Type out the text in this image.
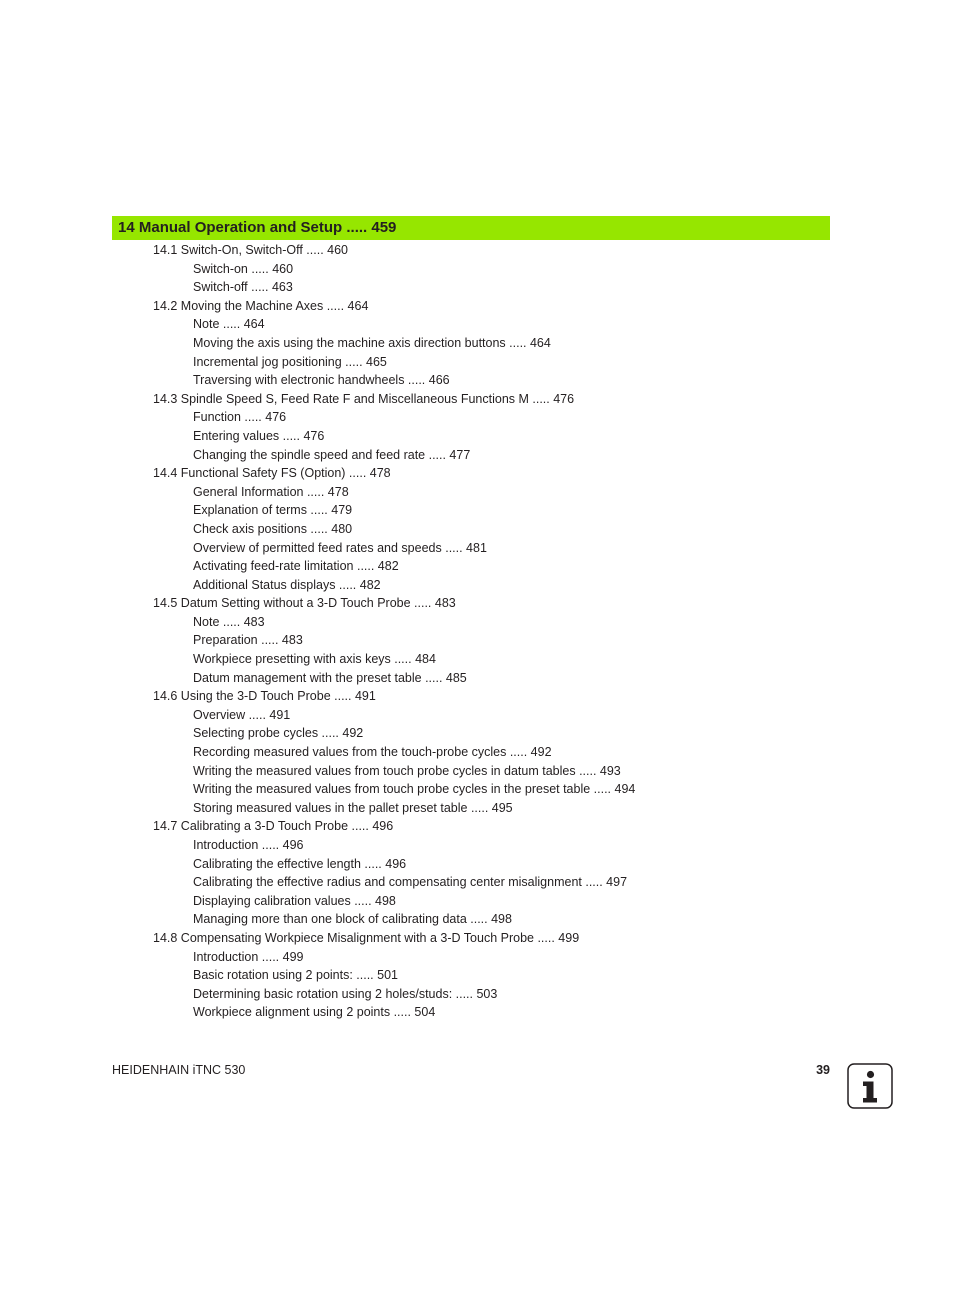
14 Manual Operation and Setup ..... 459
14.1 Switch-On, Switch-Off ..... 460
Switch-on ..... 460
Switch-off ..... 463
14.2 Moving the Machine Axes ..... 464
Note ..... 464
Moving the axis using the machine axis direction buttons ..... 464
Incremental jog positioning ..... 465
Traversing with electronic handwheels ..... 466
14.3 Spindle Speed S, Feed Rate F and Miscellaneous Functions M ..... 476
Function ..... 476
Entering values ..... 476
Changing the spindle speed and feed rate ..... 477
14.4 Functional Safety FS (Option) ..... 478
General Information ..... 478
Explanation of terms ..... 479
Check axis positions ..... 480
Overview of permitted feed rates and speeds ..... 481
Activating feed-rate limitation ..... 482
Additional Status displays ..... 482
14.5 Datum Setting without a 3-D Touch Probe ..... 483
Note ..... 483
Preparation ..... 483
Workpiece presetting with axis keys ..... 484
Datum management with the preset table ..... 485
14.6 Using the 3-D Touch Probe ..... 491
Overview ..... 491
Selecting probe cycles ..... 492
Recording measured values from the touch-probe cycles ..... 492
Writing the measured values from touch probe cycles in datum tables ..... 493
Writing the measured values from touch probe cycles in the preset table ..... 494
Storing measured values in the pallet preset table ..... 495
14.7 Calibrating a 3-D Touch Probe ..... 496
Introduction ..... 496
Calibrating the effective length ..... 496
Calibrating the effective radius and compensating center misalignment ..... 497
Displaying calibration values ..... 498
Managing more than one block of calibrating data ..... 498
14.8 Compensating Workpiece Misalignment with a 3-D Touch Probe ..... 499
Introduction ..... 499
Basic rotation using 2 points: ..... 501
Determining basic rotation using 2 holes/studs: ..... 503
Workpiece alignment using 2 points ..... 504
HEIDENHAIN iTNC 530	39
